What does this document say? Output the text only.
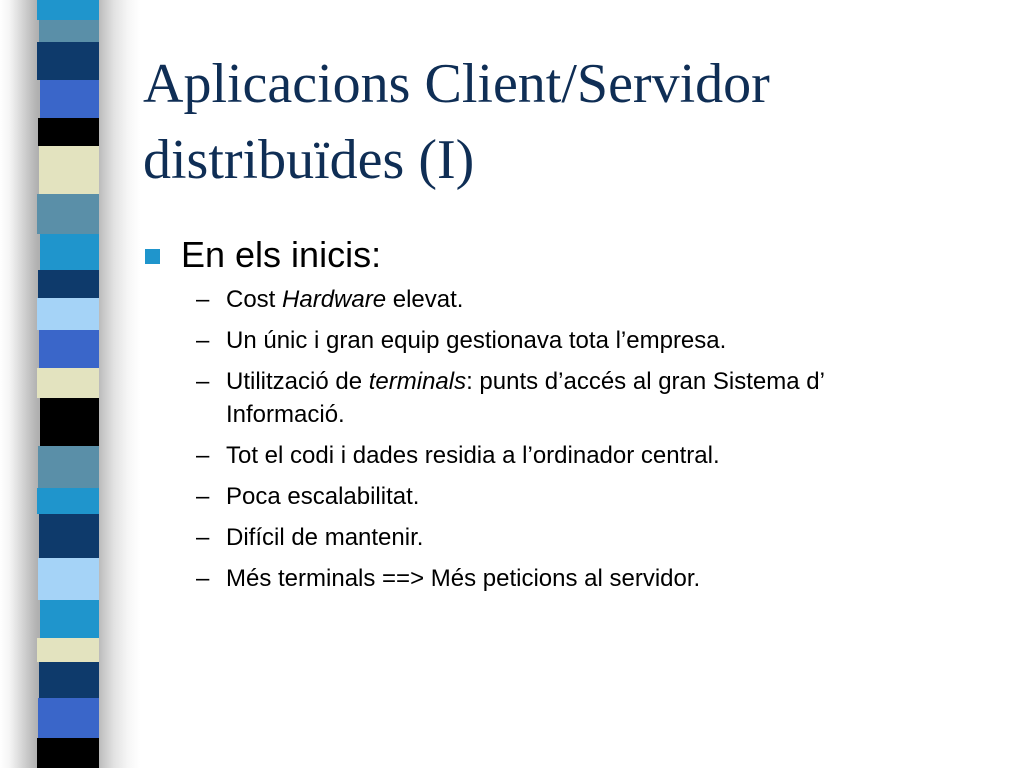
Aplicacions Client/Servidor
distribuïdes (I)
En els inicis:
– Cost Hardware elevat.
– Un únic i gran equip gestionava tota l’empresa.
– Utilització de terminals: punts d’accés al gran Sistema d’
Informació.
– Tot el codi i dades residia a l’ordinador central.
– Poca escalabilitat.
– Difícil de mantenir.
– Més terminals ==> Més peticions al servidor.
